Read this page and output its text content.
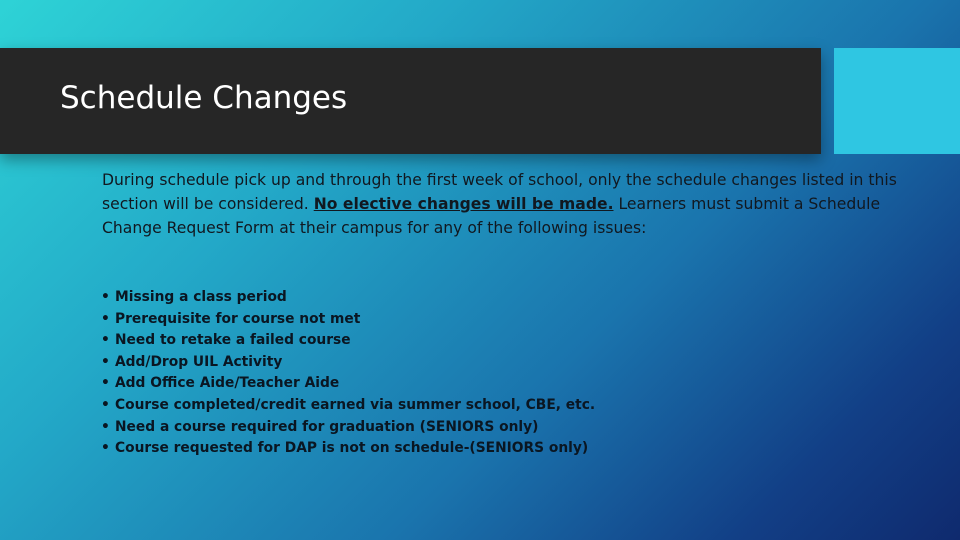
Schedule Changes

During schedule pick up and through the first week of school, only the schedule changes listed in this section will be considered. No elective changes will be made. Learners must submit a Schedule Change Request Form at their campus for any of the following issues:

• Missing a class period
• Prerequisite for course not met
• Need to retake a failed course
• Add/Drop UIL Activity
• Add Office Aide/Teacher Aide
• Course completed/credit earned via summer school, CBE, etc.
• Need a course required for graduation (SENIORS only)
• Course requested for DAP is not on schedule-(SENIORS only)
